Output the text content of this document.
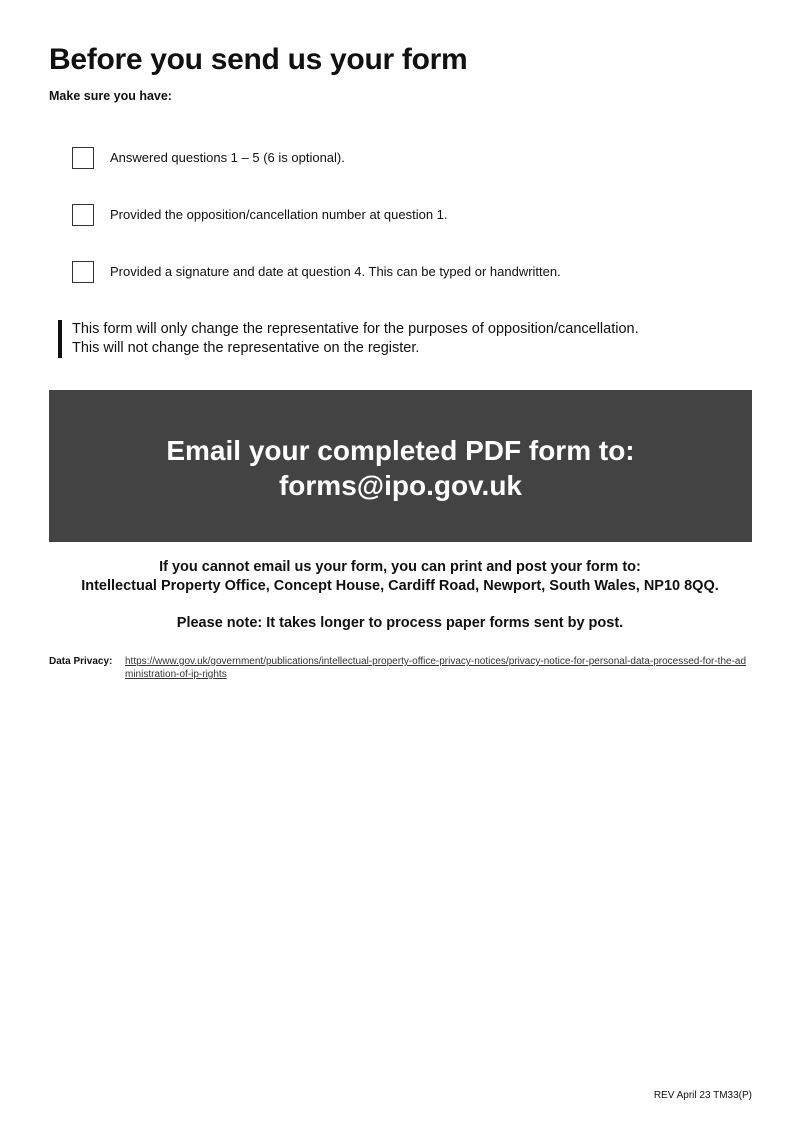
Before you send us your form
Make sure you have:
Answered questions 1 – 5 (6 is optional).
Provided the opposition/cancellation number at question 1.
Provided a signature and date at question 4. This can be typed or handwritten.
This form will only change the representative for the purposes of opposition/cancellation.
This will not change the representative on the register.
Email your completed PDF form to:
forms@ipo.gov.uk
If you cannot email us your form, you can print and post your form to:
Intellectual Property Office, Concept House, Cardiff Road, Newport, South Wales, NP10 8QQ.
Please note: It takes longer to process paper forms sent by post.
Data Privacy:	https://www.gov.uk/government/publications/intellectual-property-office-privacy-notices/privacy-notice-for-personal-data-processed-for-the-administration-of-ip-rights
REV April 23 TM33(P)
